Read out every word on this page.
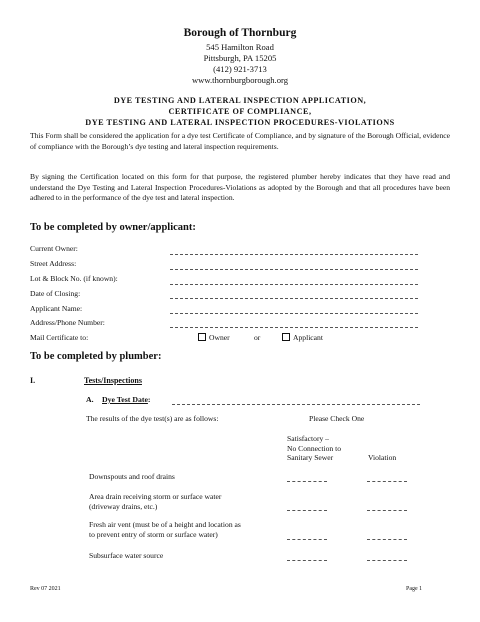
Borough of Thornburg
545 Hamilton Road
Pittsburgh, PA 15205
(412) 921-3713
www.thornburgborough.org
DYE TESTING AND LATERAL INSPECTION APPLICATION,
CERTIFICATE OF COMPLIANCE,
DYE TESTING AND LATERAL INSPECTION PROCEDURES-VIOLATIONS
This Form shall be considered the application for a dye test Certificate of Compliance, and by signature of the Borough Official, evidence of compliance with the Borough’s dye testing and lateral inspection requirements.
By signing the Certification located on this form for that purpose, the registered plumber hereby indicates that they have read and understand the Dye Testing and Lateral Inspection Procedures-Violations as adopted by the Borough and that all procedures have been adhered to in the performance of the dye test and lateral inspection.
To be completed by owner/applicant:
Current Owner:
Street Address:
Lot & Block No. (if known):
Date of Closing:
Applicant Name:
Address/Phone Number:
Mail Certificate to:	Owner	or	Applicant
To be completed by plumber:
I.	Tests/Inspections
A. Dye Test Date:
The results of the dye test(s) are as follows:	Please Check One
Satisfactory –
No Connection to
Sanitary Sewer	Violation
Downspouts and roof drains
Area drain receiving storm or surface water
(driveway drains, etc.)
Fresh air vent (must be of a height and location as
to prevent entry of storm or surface water)
Subsurface water source
Rev 07 2021	Page 1
